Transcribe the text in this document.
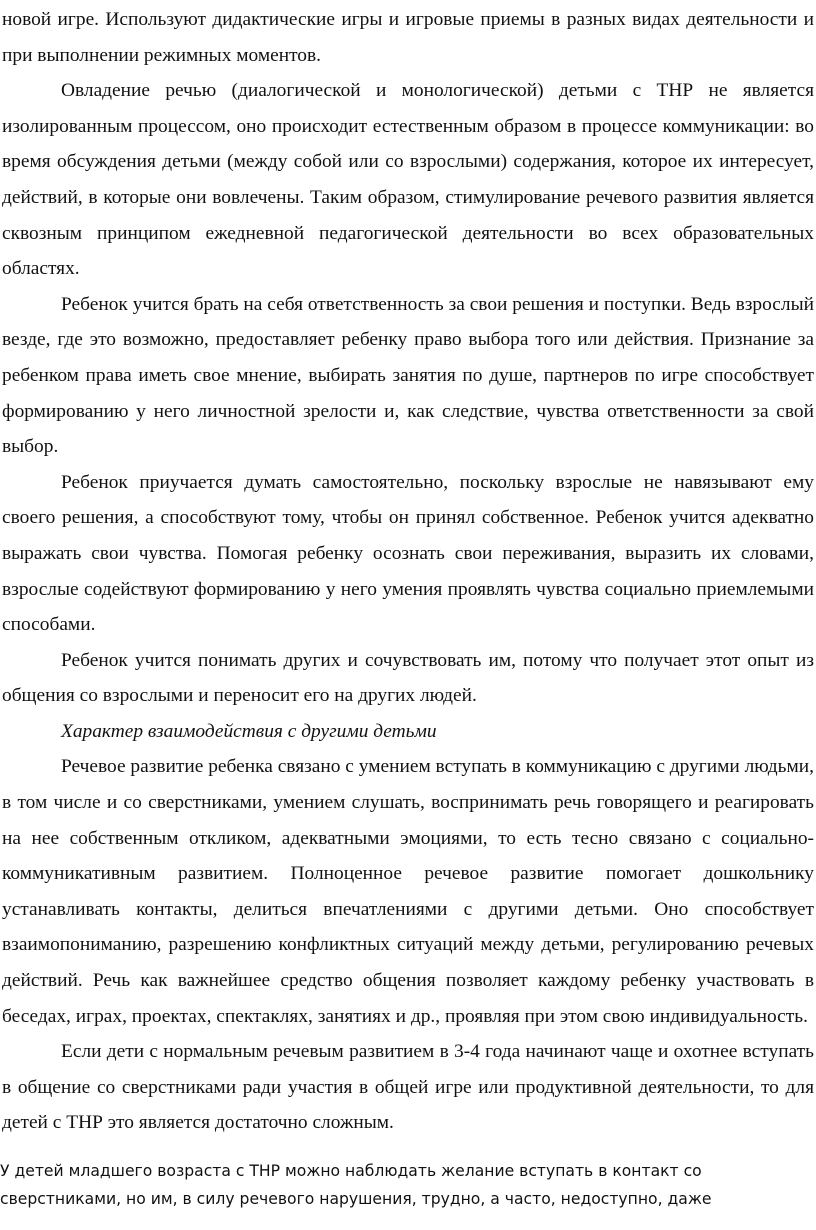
новой игре. Используют дидактические игры и игровые приемы в разных видах деятельности и при выполнении режимных моментов.

Овладение речью (диалогической и монологической) детьми с ТНР не является изолированным процессом, оно происходит естественным образом в процессе коммуникации: во время обсуждения детьми (между собой или со взрослыми) содержания, которое их интересует, действий, в которые они вовлечены. Таким образом, стимулирование речевого развития является сквозным принципом ежедневной педагогической деятельности во всех образовательных областях.

Ребенок учится брать на себя ответственность за свои решения и поступки. Ведь взрослый везде, где это возможно, предоставляет ребенку право выбора того или действия. Признание за ребенком права иметь свое мнение, выбирать занятия по душе, партнеров по игре способствует формированию у него личностной зрелости и, как следствие, чувства ответственности за свой выбор.

Ребенок приучается думать самостоятельно, поскольку взрослые не навязывают ему своего решения, а способствуют тому, чтобы он принял собственное. Ребенок учится адекватно выражать свои чувства. Помогая ребенку осознать свои переживания, выразить их словами, взрослые содействуют формированию у него умения проявлять чувства социально приемлемыми способами.

Ребенок учится понимать других и сочувствовать им, потому что получает этот опыт из общения со взрослыми и переносит его на других людей.

Характер взаимодействия с другими детьми

Речевое развитие ребенка связано с умением вступать в коммуникацию с другими людьми, в том числе и со сверстниками, умением слушать, воспринимать речь говорящего и реагировать на нее собственным откликом, адекватными эмоциями, то есть тесно связано с социально-коммуникативным развитием. Полноценное речевое развитие помогает дошкольнику устанавливать контакты, делиться впечатлениями с другими детьми. Оно способствует взаимопониманию, разрешению конфликтных ситуаций между детьми, регулированию речевых действий. Речь как важнейшее средство общения позволяет каждому ребенку участвовать в беседах, играх, проектах, спектаклях, занятиях и др., проявляя при этом свою индивидуальность.

Если дети с нормальным речевым развитием в 3-4 года начинают чаще и охотнее вступать в общение со сверстниками ради участия в общей игре или продуктивной деятельности, то для детей с ТНР это является достаточно сложным.

У детей младшего возраста с ТНР можно наблюдать желание вступать в контакт со сверстниками, но им, в силу речевого нарушения, трудно, а часто, недоступно, даже
